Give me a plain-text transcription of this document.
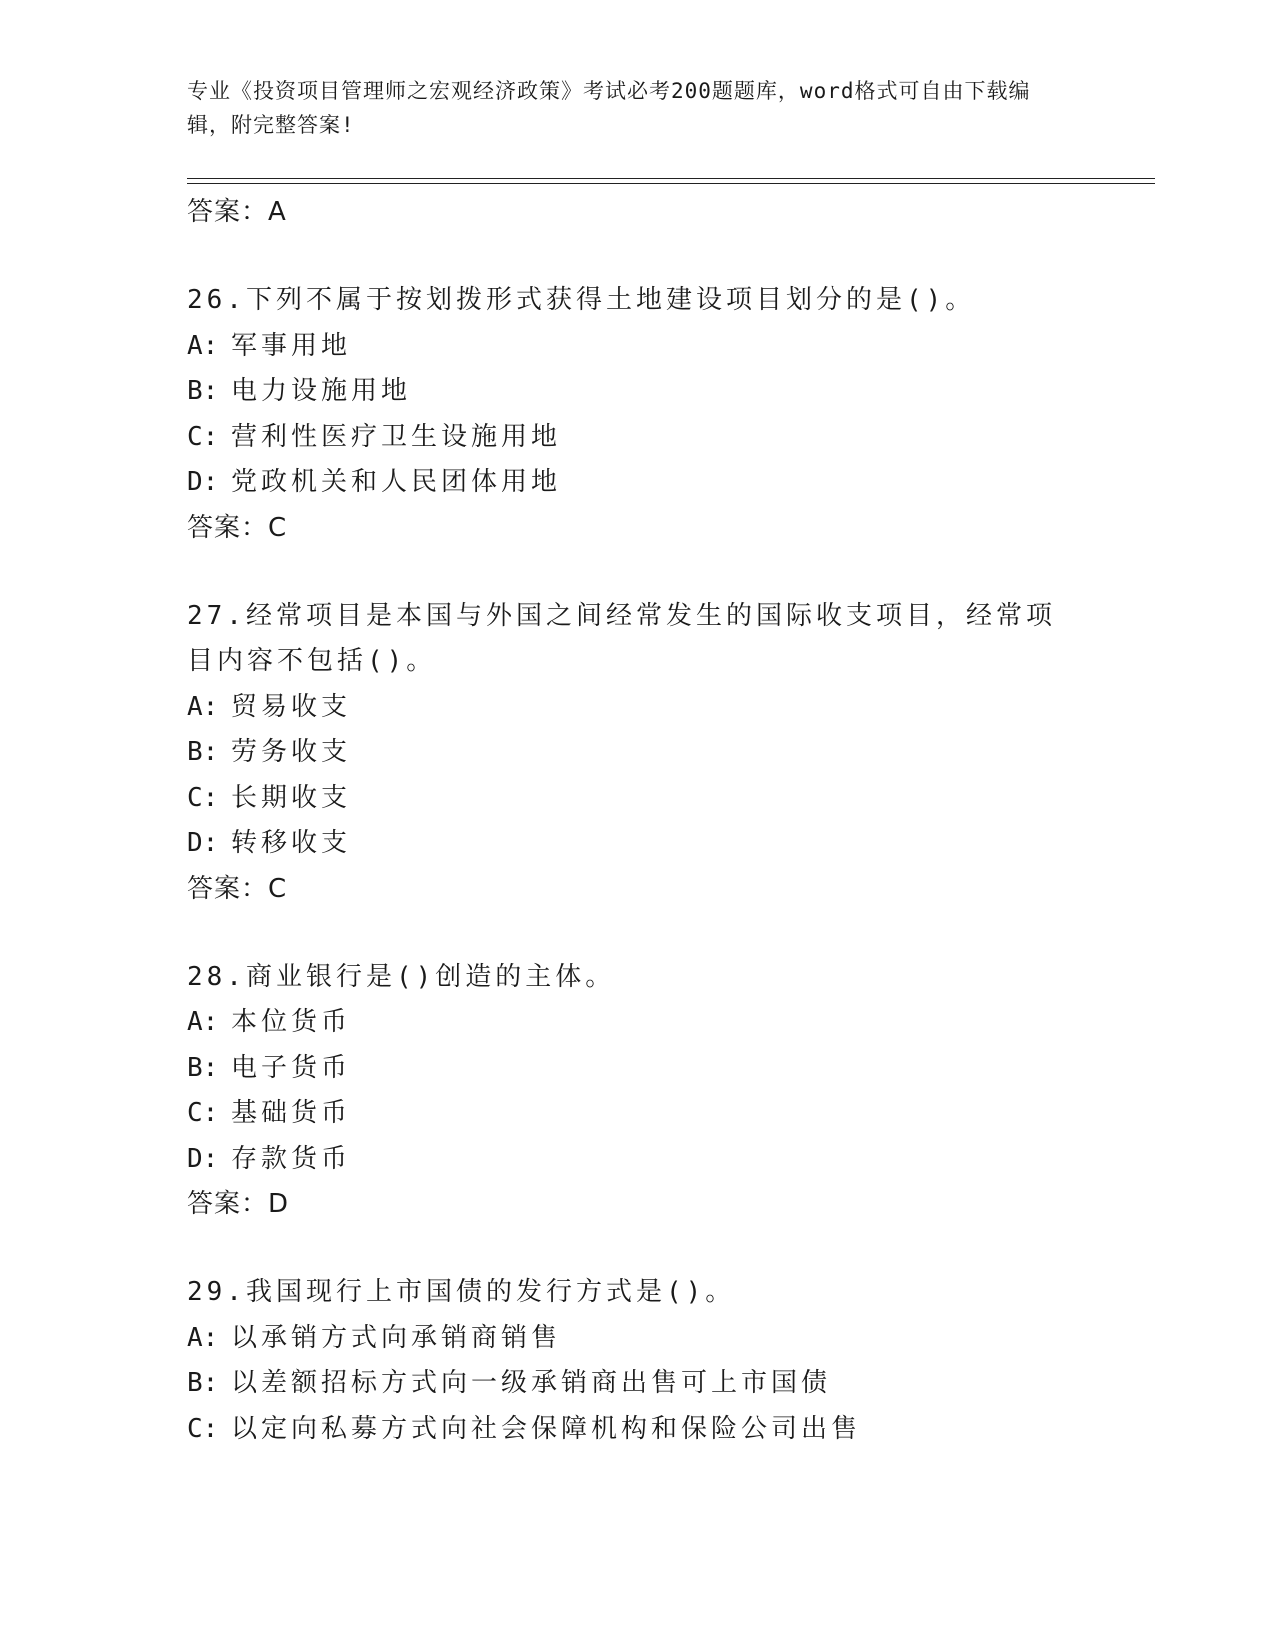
专业《投资项目管理师之宏观经济政策》考试必考200题题库，word格式可自由下载编辑，附完整答案!
答案：A

26.下列不属于按划拨形式获得土地建设项目划分的是()。

A: 军事用地

B: 电力设施用地

C: 营利性医疗卫生设施用地

D: 党政机关和人民团体用地

答案：C

27.经常项目是本国与外国之间经常发生的国际收支项目，经常项目内容不包括()。

A: 贸易收支

B: 劳务收支

C: 长期收支

D: 转移收支

答案：C

28.商业银行是()创造的主体。

A: 本位货币

B: 电子货币

C: 基础货币

D: 存款货币

答案：D

29.我国现行上市国债的发行方式是()。

A: 以承销方式向承销商销售

B: 以差额招标方式向一级承销商出售可上市国债

C: 以定向私募方式向社会保障机构和保险公司出售
